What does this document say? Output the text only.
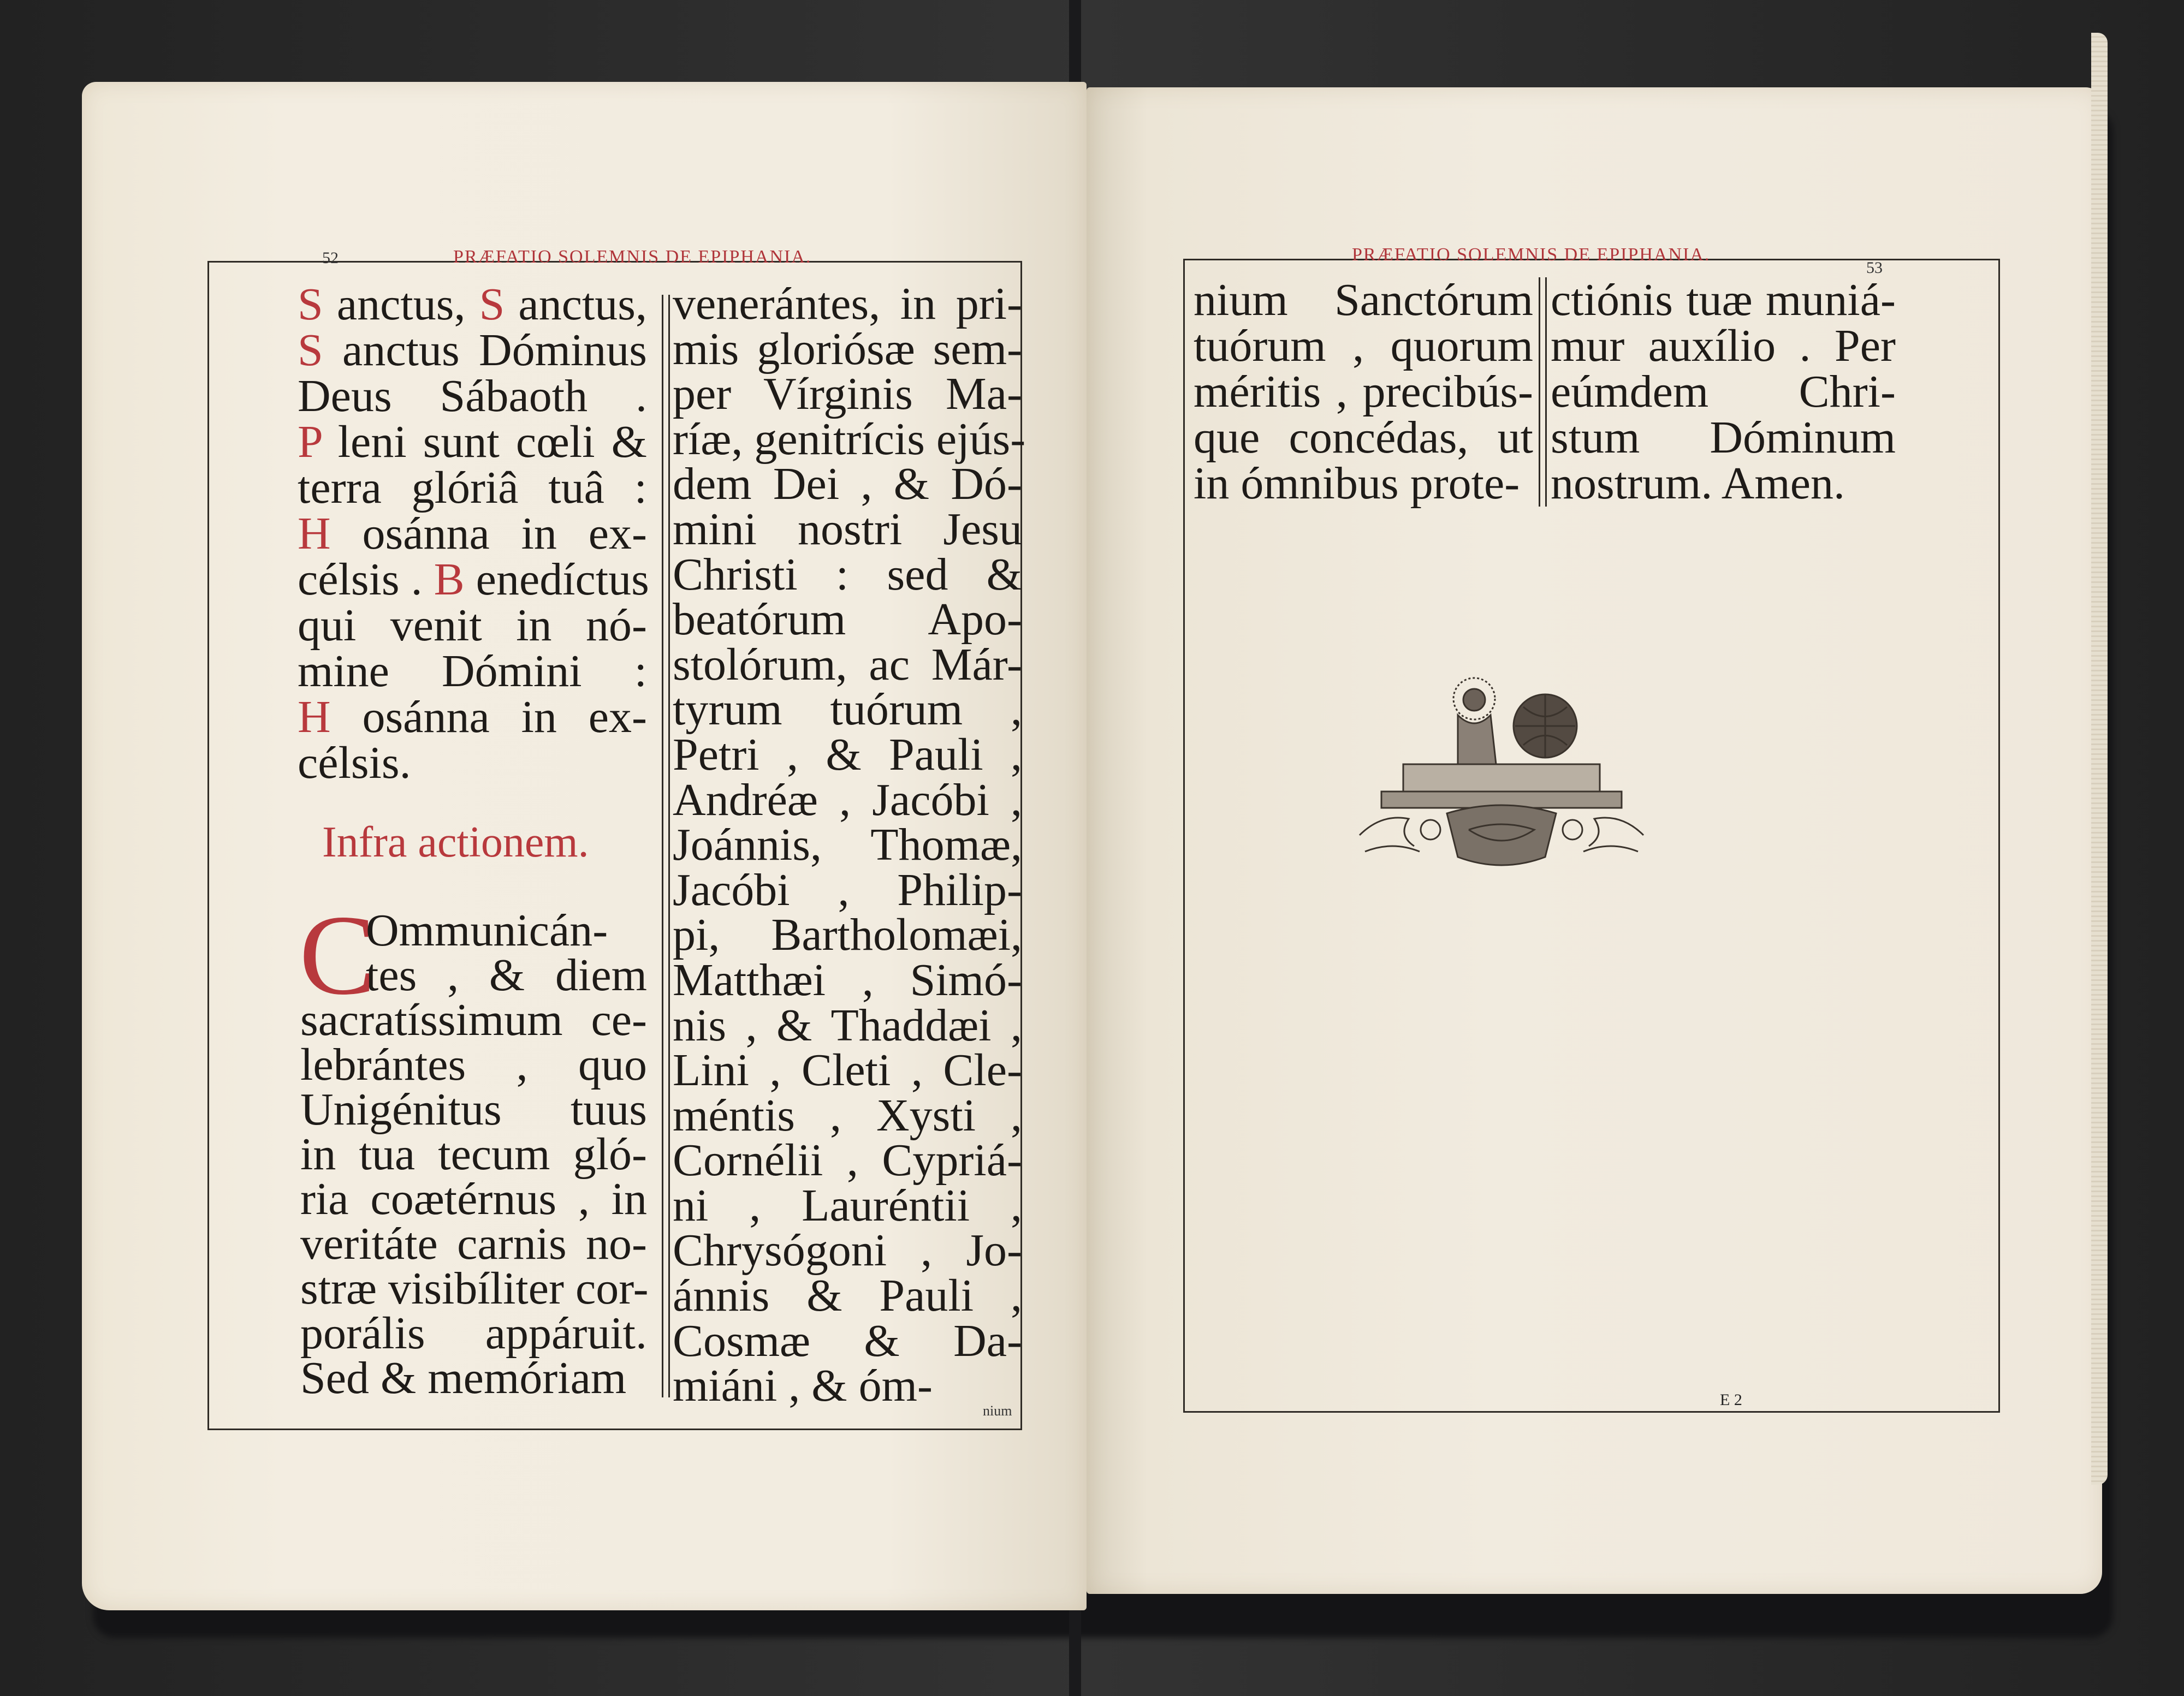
52	PRÆFATIO SOLEMNIS DE EPIPHANIA.
S anctus, S anctus,
S anctus Dóminus
Deus Sábaoth .
P leni sunt cœli &
terra glóriâ tuâ :
H osánna in ex-
célsis . B enedíctus
qui venit in nó-
mine Dómini :
H osánna in ex-
célsis.
Infra actionem.
C
Ommunicán-
tes , & diem
sacratíssimum ce-
lebrántes , quo
Unigénitus tuus
in tua tecum gló-
ria coætérnus , in
veritáte carnis no-
stræ visibíliter cor-
porális appáruit.
Sed & memóriam
venerántes, in pri-
mis gloriósæ sem-
per Vírginis Ma-
ríæ, genitrícis ejús-
dem Dei , & Dó-
mini nostri Jesu
Christi : sed &
beatórum Apo-
stolórum, ac Már-
tyrum tuórum ,
Petri , & Pauli ,
Andréæ , Jacóbi ,
Joánnis, Thomæ,
Jacóbi , Philip-
pi, Bartholomæi,
Matthæi , Simó-
nis , & Thaddæi ,
Lini , Cleti , Cle-
méntis , Xysti ,
Cornélii , Cypriá-
ni , Lauréntii ,
Chrysógoni , Jo-
ánnis & Pauli ,
Cosmæ & Da-
miáni , & óm-	nium
PRÆFATIO SOLEMNIS DE EPIPHANIA.
53
nium Sanctórum
tuórum , quorum
méritis , precibús-
que concédas, ut
in ómnibus prote-
ctiónis tuæ muniá-
mur auxílio . Per
eúmdem Chri-
stum Dóminum
nostrum. Amen.
E 2
